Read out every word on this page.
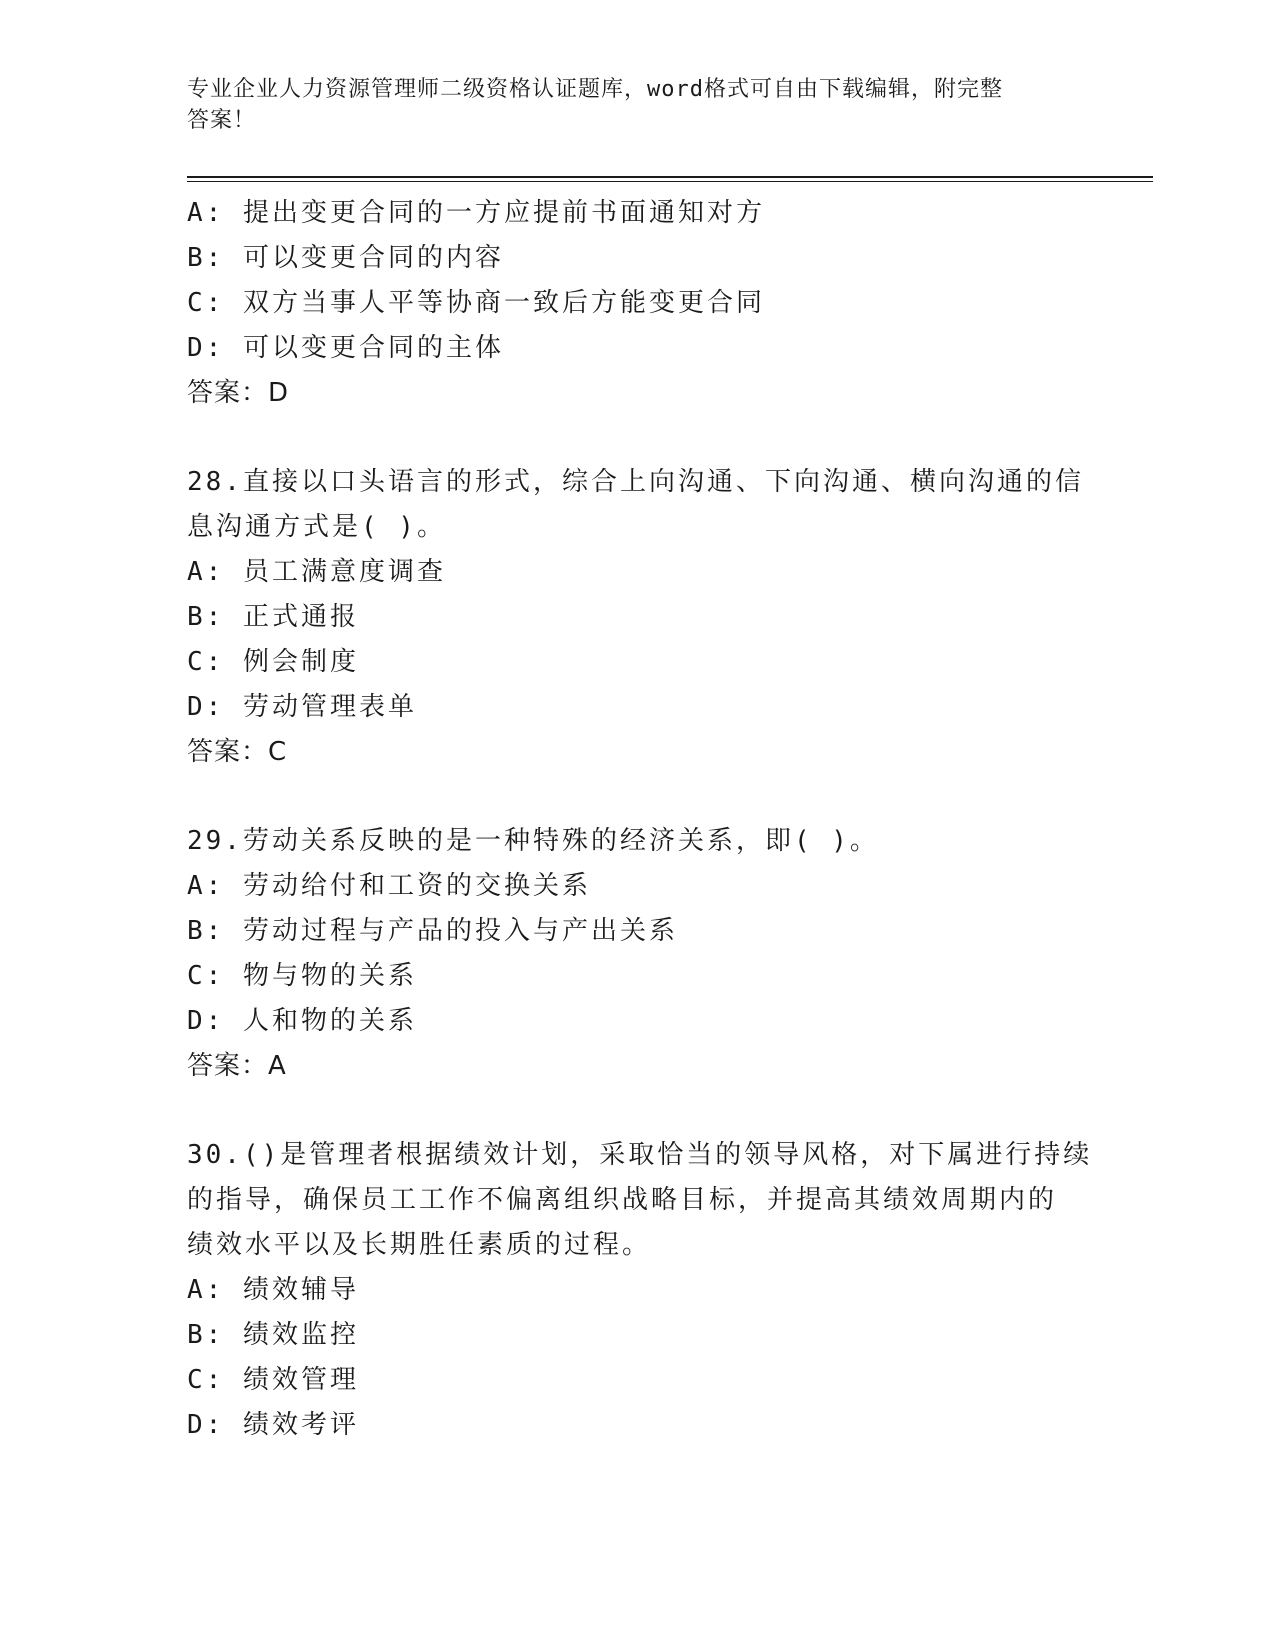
专业企业人力资源管理师二级资格认证题库，word格式可自由下载编辑，附完整
答案！
A: 提出变更合同的一方应提前书面通知对方
B: 可以变更合同的内容
C: 双方当事人平等协商一致后方能变更合同
D: 可以变更合同的主体
答案：D
28.直接以口头语言的形式，综合上向沟通、下向沟通、横向沟通的信
息沟通方式是( )。
A: 员工满意度调查
B: 正式通报
C: 例会制度
D: 劳动管理表单
答案：C
29.劳动关系反映的是一种特殊的经济关系，即( )。
A: 劳动给付和工资的交换关系
B: 劳动过程与产品的投入与产出关系
C: 物与物的关系
D: 人和物的关系
答案：A
30.()是管理者根据绩效计划，采取恰当的领导风格，对下属进行持续
的指导，确保员工工作不偏离组织战略目标，并提高其绩效周期内的
绩效水平以及长期胜任素质的过程。
A: 绩效辅导
B: 绩效监控
C: 绩效管理
D: 绩效考评
